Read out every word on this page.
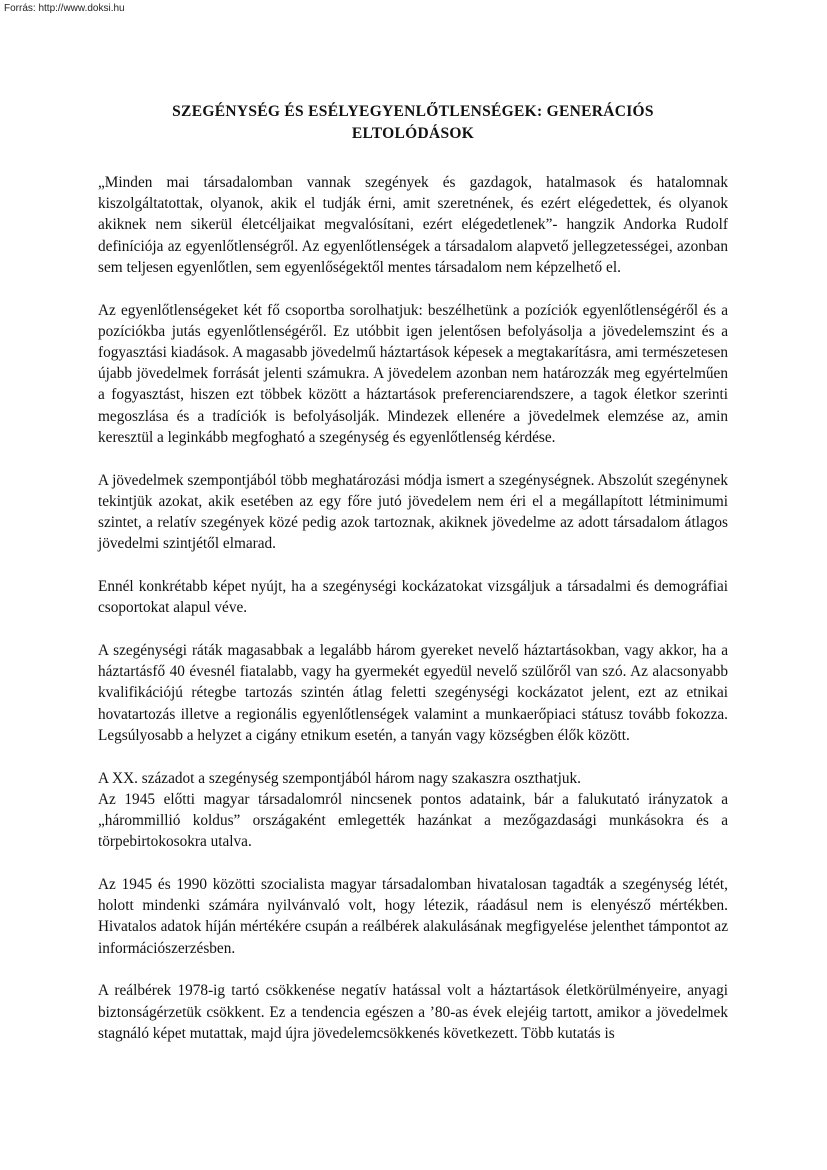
Forrás: http://www.doksi.hu
SZEGÉNYSÉG ÉS ESÉLYEGYENLŐTLENSÉGEK: GENERÁCIÓS
ELTOLÓDÁSOK

„Minden mai társadalomban vannak szegények és gazdagok, hatalmasok és hatalomnak kiszolgáltatottak, olyanok, akik el tudják érni, amit szeretnének, és ezért elégedettek, és olyanok akiknek nem sikerül életcéljaikat megvalósítani, ezért elégedetlenek”- hangzik Andorka Rudolf definíciója az egyenlőtlenségről. Az egyenlőtlenségek a társadalom alapvető jellegzetességei, azonban sem teljesen egyenlőtlen, sem egyenlőségektől mentes társadalom nem képzelhető el.

Az egyenlőtlenségeket két fő csoportba sorolhatjuk: beszélhetünk a pozíciók egyenlőtlenségéről és a pozíciókba jutás egyenlőtlenségéről. Ez utóbbit igen jelentősen befolyásolja a jövedelemszint és a fogyasztási kiadások. A magasabb jövedelmű háztartások képesek a megtakarításra, ami természetesen újabb jövedelmek forrását jelenti számukra. A jövedelem azonban nem határozzák meg egyértelműen a fogyasztást, hiszen ezt többek között a háztartások preferenciarendszere, a tagok életkor szerinti megoszlása és a tradíciók is befolyásolják. Mindezek ellenére a jövedelmek elemzése az, amin keresztül a leginkább megfogható a szegénység és egyenlőtlenség kérdése.

A jövedelmek szempontjából több meghatározási módja ismert a szegénységnek. Abszolút szegénynek tekintjük azokat, akik esetében az egy főre jutó jövedelem nem éri el a megállapított létminimumi szintet, a relatív szegények közé pedig azok tartoznak, akiknek jövedelme az adott társadalom átlagos jövedelmi szintjétől elmarad.

Ennél konkrétabb képet nyújt, ha a szegénységi kockázatokat vizsgáljuk a társadalmi és demográfiai csoportokat alapul véve.

A szegénységi ráták magasabbak a legalább három gyereket nevelő háztartásokban, vagy akkor, ha a háztartásfő 40 évesnél fiatalabb, vagy ha gyermekét egyedül nevelő szülőről van szó. Az alacsonyabb kvalifikációjú rétegbe tartozás szintén átlag feletti szegénységi kockázatot jelent, ezt az etnikai hovatartozás illetve a regionális egyenlőtlenségek valamint a munkaerőpiaci státusz tovább fokozza. Legsúlyosabb a helyzet a cigány etnikum esetén, a tanyán vagy községben élők között.

A XX. századot a szegénység szempontjából három nagy szakaszra oszthatjuk.

Az 1945 előtti magyar társadalomról nincsenek pontos adataink, bár a falukutató irányzatok a „hárommillió koldus” országaként emlegették hazánkat a mezőgazdasági munkásokra és a törpebirtokosokra utalva.

Az 1945 és 1990 közötti szocialista magyar társadalomban hivatalosan tagadták a szegénység létét, holott mindenki számára nyilvánvaló volt, hogy létezik, ráadásul nem is elenyésző mértékben. Hivatalos adatok híján mértékére csupán a reálbérek alakulásának megfigyelése jelenthet támpontot az információszerzésben.

A reálbérek 1978-ig tartó csökkenése negatív hatással volt a háztartások életkörülményeire, anyagi biztonságérzetük csökkent. Ez a tendencia egészen a ’80-as évek elejéig tartott, amikor a jövedelmek stagnáló képet mutattak, majd újra jövedelemcsökkenés következett. Több kutatás is
